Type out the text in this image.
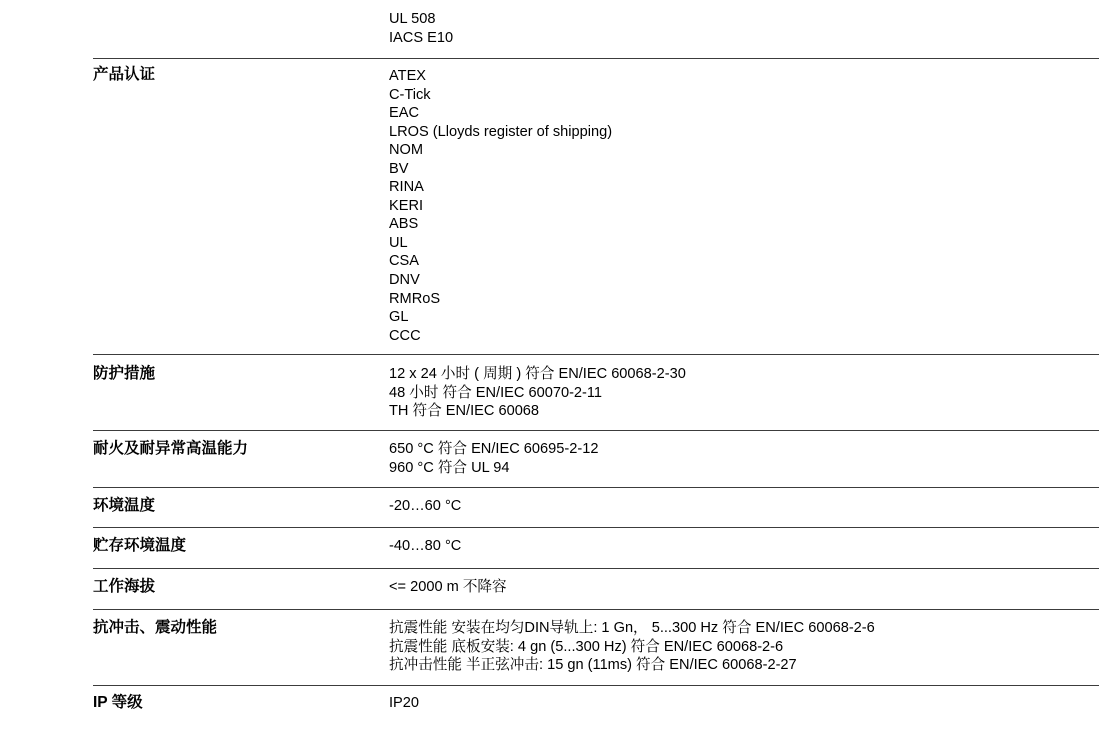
UL 508
IACS E10
产品认证	ATEX
C-Tick
EAC
LROS (Lloyds register of shipping)
NOM
BV
RINA
KERI
ABS
UL
CSA
DNV
RMRoS
GL
CCC
防护措施	12 x 24 小时 ( 周期 ) 符合 EN/IEC 60068-2-30
48 小时 符合 EN/IEC 60070-2-11
TH 符合 EN/IEC 60068
耐火及耐异常高温能力	650 °C 符合 EN/IEC 60695-2-12
960 °C 符合 UL 94
环境温度	-20…60 °C
贮存环境温度	-40…80 °C
工作海拔	<= 2000 m 不降容
抗冲击、震动性能	抗震性能 安装在均匀DIN导轨上: 1 Gn， 5...300 Hz 符合 EN/IEC 60068-2-6
抗震性能 底板安装: 4 gn (5...300 Hz) 符合 EN/IEC 60068-2-6
抗冲击性能 半正弦冲击: 15 gn (11ms) 符合 EN/IEC 60068-2-27
IP 等级	IP20
